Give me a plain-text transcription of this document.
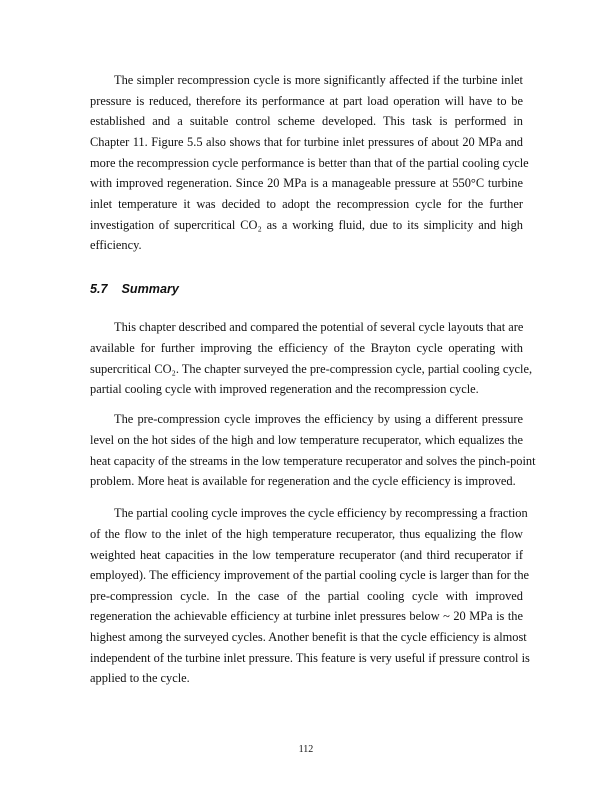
5.7 Summary
112
The simpler recompression cycle is more significantly affected if the turbine inlet
pressure is reduced, therefore its performance at part load operation will have to be
established and a suitable control scheme developed. This task is performed in
Chapter 11. Figure 5.5 also shows that for turbine inlet pressures of about 20 MPa and
more the recompression cycle performance is better than that of the partial cooling cycle
with improved regeneration. Since 20 MPa is a manageable pressure at 550°C turbine
inlet temperature it was decided to adopt the recompression cycle for the further
investigation of supercritical CO₂ as a working fluid, due to its simplicity and high
efficiency.
This chapter described and compared the potential of several cycle layouts that are
available for further improving the efficiency of the Brayton cycle operating with
supercritical CO₂. The chapter surveyed the pre-compression cycle, partial cooling cycle,
partial cooling cycle with improved regeneration and the recompression cycle.
The pre-compression cycle improves the efficiency by using a different pressure
level on the hot sides of the high and low temperature recuperator, which equalizes the
heat capacity of the streams in the low temperature recuperator and solves the pinch-point
problem. More heat is available for regeneration and the cycle efficiency is improved.
The partial cooling cycle improves the cycle efficiency by recompressing a fraction
of the flow to the inlet of the high temperature recuperator, thus equalizing the flow
weighted heat capacities in the low temperature recuperator (and third recuperator if
employed). The efficiency improvement of the partial cooling cycle is larger than for the
pre-compression cycle. In the case of the partial cooling cycle with improved
regeneration the achievable efficiency at turbine inlet pressures below ~ 20 MPa is the
highest among the surveyed cycles. Another benefit is that the cycle efficiency is almost
independent of the turbine inlet pressure. This feature is very useful if pressure control is
applied to the cycle.
